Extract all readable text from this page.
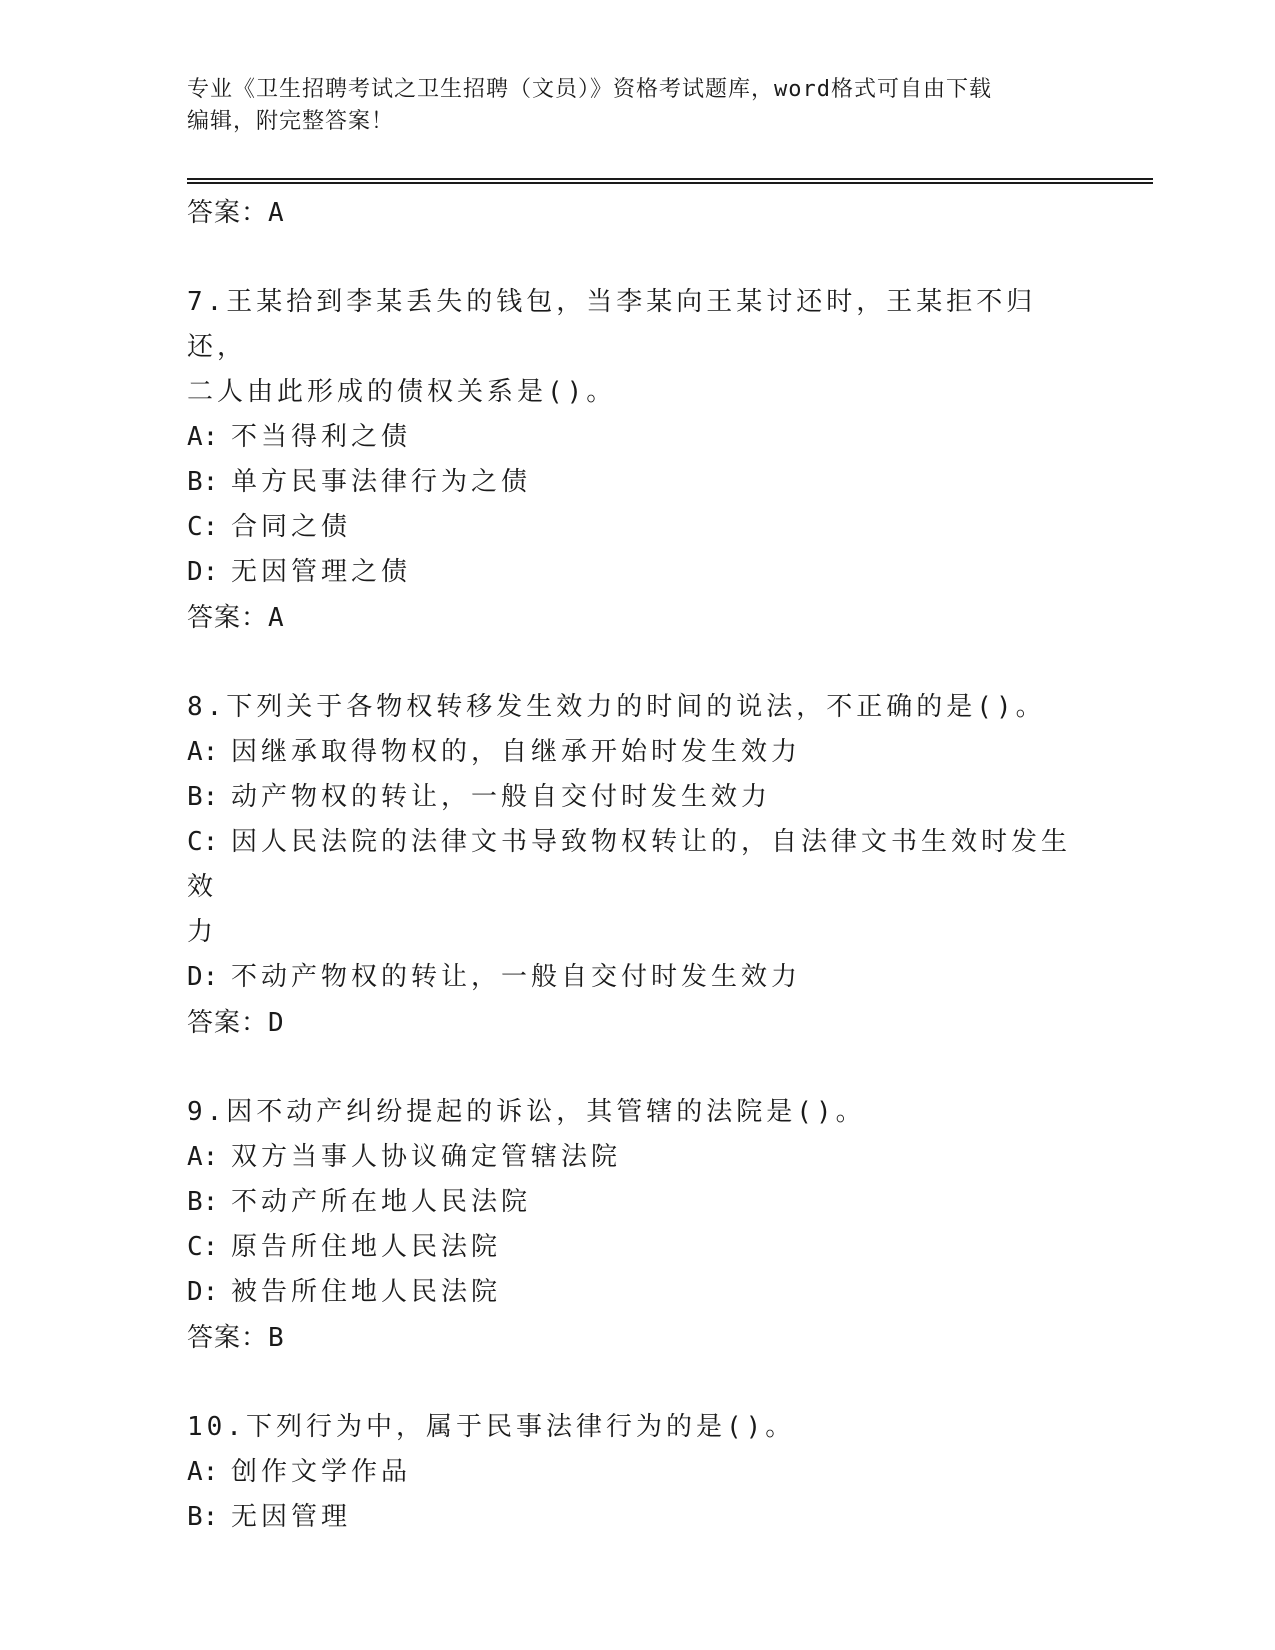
专业《卫生招聘考试之卫生招聘（文员）》资格考试题库，word格式可自由下载
编辑，附完整答案！
答案：A
7.王某拾到李某丢失的钱包，当李某向王某讨还时，王某拒不归还，
二人由此形成的债权关系是()。
A: 不当得利之债
B: 单方民事法律行为之债
C: 合同之债
D: 无因管理之债
答案：A
8.下列关于各物权转移发生效力的时间的说法，不正确的是()。
A: 因继承取得物权的，自继承开始时发生效力
B: 动产物权的转让，一般自交付时发生效力
C: 因人民法院的法律文书导致物权转让的，自法律文书生效时发生效
力
D: 不动产物权的转让，一般自交付时发生效力
答案：D
9.因不动产纠纷提起的诉讼，其管辖的法院是()。
A: 双方当事人协议确定管辖法院
B: 不动产所在地人民法院
C: 原告所住地人民法院
D: 被告所住地人民法院
答案：B
10.下列行为中，属于民事法律行为的是()。
A: 创作文学作品
B: 无因管理
